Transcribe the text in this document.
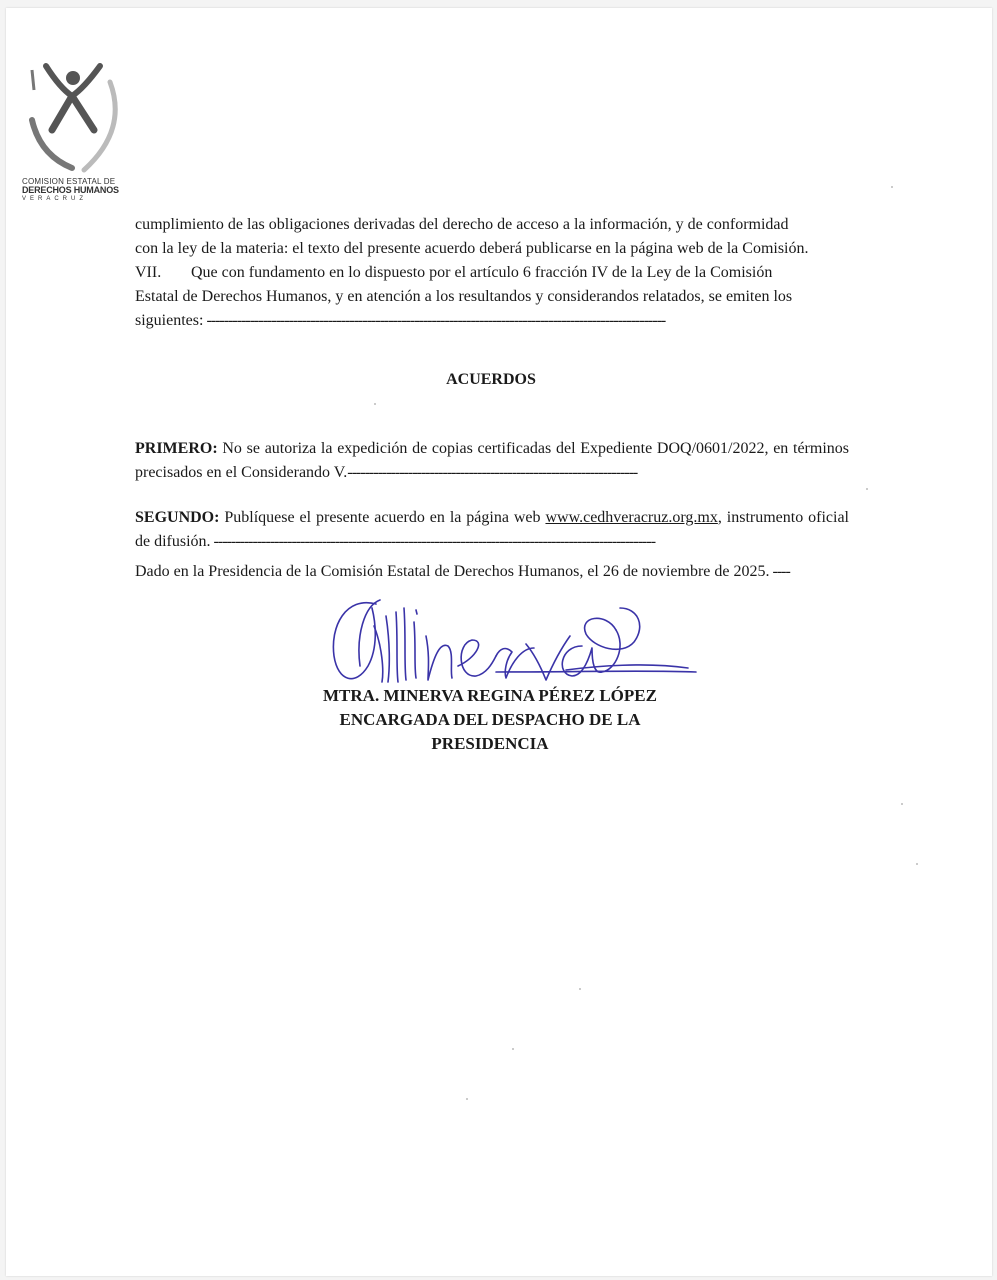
COMISION ESTATAL DE
DERECHOS HUMANOS
VERACRUZ
cumplimiento de las obligaciones derivadas del derecho de acceso a la información, y de conformidad
con la ley de la materia: el texto del presente acuerdo deberá publicarse en la página web de la Comisión.
VII. Que con fundamento en lo dispuesto por el artículo 6 fracción IV de la Ley de la Comisión
Estatal de Derechos Humanos, y en atención a los resultandos y considerandos relatados, se emiten los
siguientes: ----------------------------------------------------------------------------------------------------------
ACUERDOS
PRIMERO: No se autoriza la expedición de copias certificadas del Expediente DOQ/0601/2022, en términos precisados en el Considerando V.-------------------------------------------------------------------
SEGUNDO: Publíquese el presente acuerdo en la página web www.cedhveracruz.org.mx, instrumento oficial de difusión. ------------------------------------------------------------------------------------------------------
Dado en la Presidencia de la Comisión Estatal de Derechos Humanos, el 26 de noviembre de 2025. ----
MTRA. MINERVA REGINA PÉREZ LÓPEZ
ENCARGADA DEL DESPACHO DE LA
PRESIDENCIA
